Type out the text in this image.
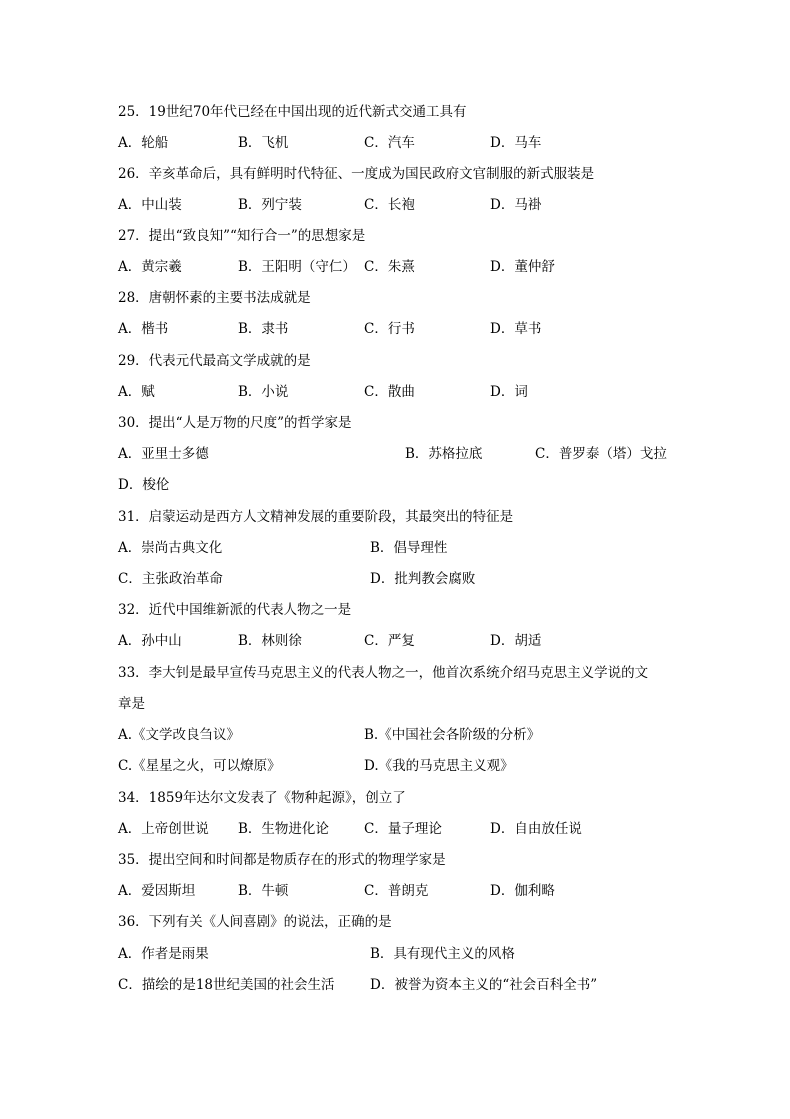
25．19世纪70年代已经在中国出现的近代新式交通工具有
A．轮船	B．飞机	C．汽车	D．马车
26．辛亥革命后，具有鲜明时代特征、一度成为国民政府文官制服的新式服装是
A．中山装	B．列宁装	C．长袍	D．马褂
27．提出“致良知”“知行合一”的思想家是
A．黄宗羲	B．王阳明（守仁） C．朱熹	D．董仲舒
28．唐朝怀素的主要书法成就是
A．楷书	B．隶书	C．行书	D．草书
29．代表元代最高文学成就的是
A．赋	B．小说	C．散曲	D．词
30．提出“人是万物的尺度”的哲学家是
A．亚里士多德	B．苏格拉底	C．普罗泰（塔）戈拉
D．梭伦
31．启蒙运动是西方人文精神发展的重要阶段，其最突出的特征是
A．崇尚古典文化	B．倡导理性
C．主张政治革命	D．批判教会腐败
32．近代中国维新派的代表人物之一是
A．孙中山	B．林则徐	C．严复	D．胡适
33．李大钊是最早宣传马克思主义的代表人物之一，他首次系统介绍马克思主义学说的文
章是
A.《文学改良刍议》	B.《中国社会各阶级的分析》
C.《星星之火，可以燎原》	D.《我的马克思主义观》
34．1859年达尔文发表了《物种起源》，创立了
A．上帝创世说 B．生物进化论	C．量子理论	D．自由放任说
35．提出空间和时间都是物质存在的形式的物理学家是
A．爱因斯坦	B．牛顿	C．普朗克	D．伽利略
36．下列有关《人间喜剧》的说法，正确的是
A．作者是雨果	B．具有现代主义的风格
C．描绘的是18世纪美国的社会生活	D．被誉为资本主义的“社会百科全书”
